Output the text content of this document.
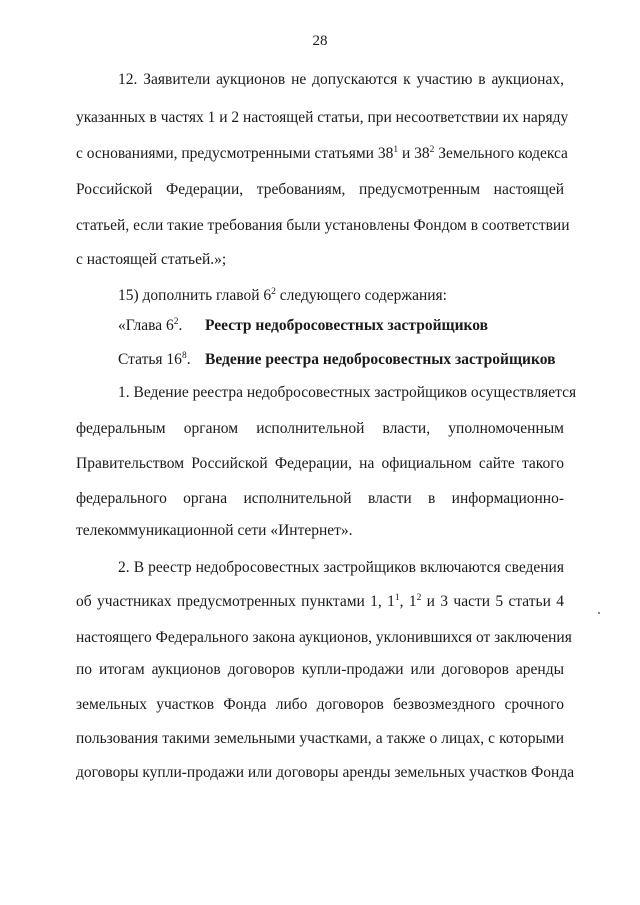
28
12. Заявители аукционов не допускаются к участию в аукционах,
указанных в частях 1 и 2 настоящей статьи, при несоответствии их наряду
с основаниями, предусмотренными статьями $38^1$ и $38^2$ Земельного кодекса
Российской Федерации, требованиям, предусмотренным настоящей
статьей, если такие требования были установлены Фондом в соответствии
с настоящей статьей.»;
15) дополнить главой $6^2$ следующего содержания:
«Глава $6^2$. Реестр недобросовестных застройщиков
Статья $16^8$. Ведение реестра недобросовестных застройщиков
1. Ведение реестра недобросовестных застройщиков осуществляется
федеральным органом исполнительной власти, уполномоченным
Правительством Российской Федерации, на официальном сайте такого
федерального органа исполнительной власти в информационно-
телекоммуникационной сети «Интернет».
2. В реестр недобросовестных застройщиков включаются сведения
об участниках предусмотренных пунктами 1, $1^1$, $1^2$ и 3 части 5 статьи 4
настоящего Федерального закона аукционов, уклонившихся от заключения
по итогам аукционов договоров купли-продажи или договоров аренды
земельных участков Фонда либо договоров безвозмездного срочного
пользования такими земельными участками, а также о лицах, с которыми
договоры купли-продажи или договоры аренды земельных участков Фонда
